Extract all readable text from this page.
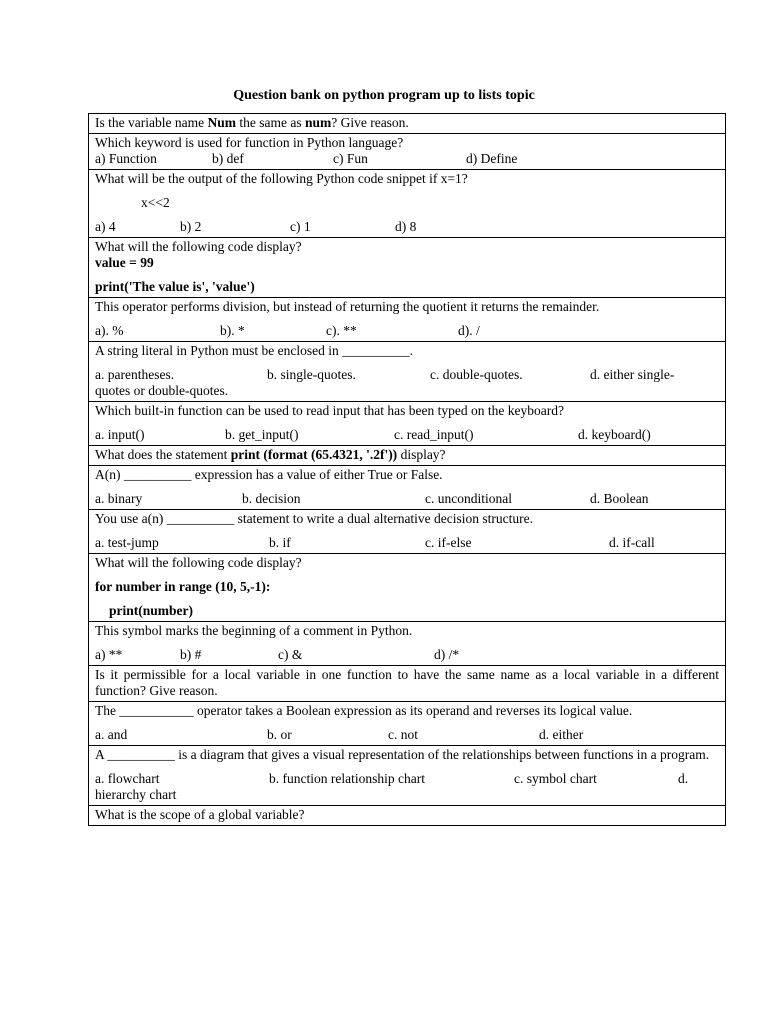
Question bank on python program up to lists topic
Is the variable name Num the same as num? Give reason.

Which keyword is used for function in Python language?
a) Function	b) def	c) Fun	d) Define

What will be the output of the following Python code snippet if x=1?
x<<2
a) 4	b) 2	c) 1	d) 8

What will the following code display?
value = 99
print('The value is', 'value')

This operator performs division, but instead of returning the quotient it returns the remainder.
a). %	b). *	c). **	d). /

A string literal in Python must be enclosed in __________.
a. parentheses.	b. single-quotes.	c. double-quotes.	d. either single-
quotes or double-quotes.

Which built-in function can be used to read input that has been typed on the keyboard?
a. input()	b. get_input()	c. read_input()	d. keyboard()

What does the statement print (format (65.4321, '.2f')) display?

A(n) __________ expression has a value of either True or False.
a. binary	b. decision	c. unconditional	d. Boolean

You use a(n) __________ statement to write a dual alternative decision structure.
a. test-jump	b. if	c. if-else	d. if-call

What will the following code display?
for number in range (10, 5,-1):
print(number)

This symbol marks the beginning of a comment in Python.
a) **	b) #	c) &	d) /*

Is it permissible for a local variable in one function to have the same name as a local variable in a different function? Give reason.

The ___________ operator takes a Boolean expression as its operand and reverses its logical value.
a. and	b. or	c. not	d. either

A __________ is a diagram that gives a visual representation of the relationships between functions in a program.
a. flowchart	b. function relationship chart	c. symbol chart	d.
hierarchy chart

What is the scope of a global variable?
